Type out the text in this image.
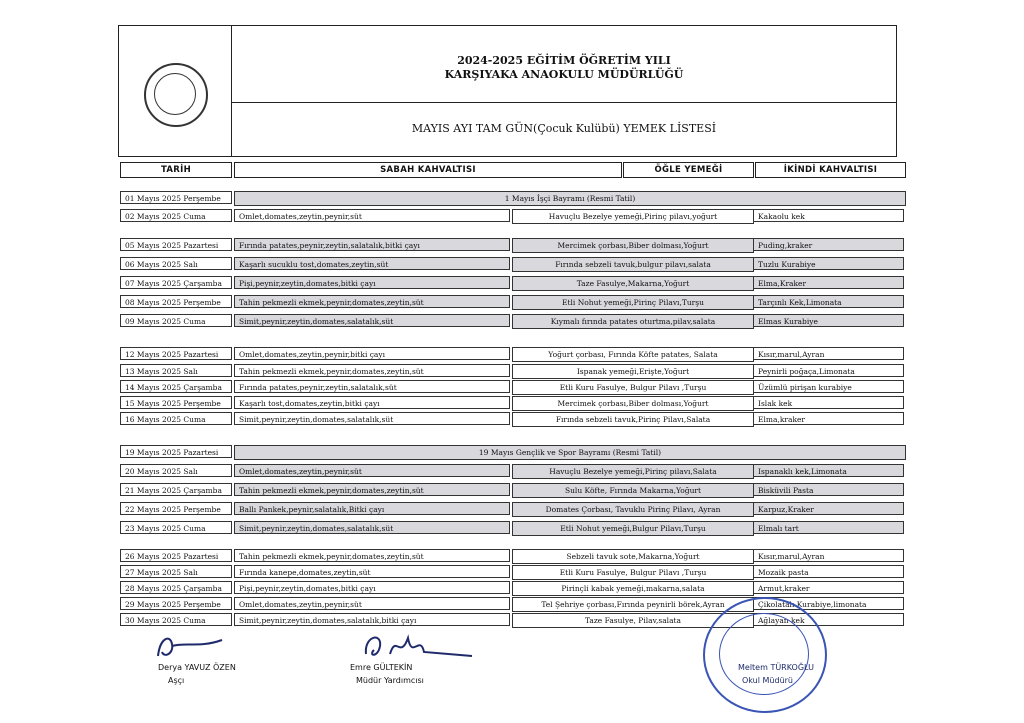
2024-2025 EĞİTİM ÖĞRETİM YILI
KARŞIYAKA ANAOKULU MÜDÜRLÜĞÜ
MAYIS AYI TAM GÜN(Çocuk Kulübü) YEMEK LİSTESİ
TARİH	SABAH KAHVALTISI	ÖĞLE YEMEĞİ	İKİNDİ KAHVALTISI
01 Mayıs 2025 Perşembe	1 Mayıs İşçi Bayramı (Resmi Tatil)
02 Mayıs 2025 Cuma	Omlet,domates,zeytin,peynir,süt	Havuçlu Bezelye yemeği,Pirinç pilavı,yoğurt	Kakaolu kek
05 Mayıs 2025 Pazartesi	Fırında patates,peynir,zeytin,salatalık,bitki çayı	Mercimek çorbası,Biber dolması,Yoğurt	Puding,kraker
06 Mayıs 2025 Salı	Kaşarlı sucuklu tost,domates,zeytin,süt	Fırında sebzeli tavuk,bulgur pilavı,salata	Tuzlu Kurabiye
07 Mayıs 2025 Çarşamba	Pişi,peynir,zeytin,domates,bitki çayı	Taze Fasulye,Makarna,Yoğurt	Elma,Kraker
08 Mayıs 2025 Perşembe	Tahin pekmezli ekmek,peynir,domates,zeytin,süt	Etli Nohut yemeği,Pirinç Pilavı,Turşu	Tarçınlı Kek,Limonata
09 Mayıs 2025 Cuma	Simit,peynir,zeytin,domates,salatalık,süt	Kıymalı fırında patates oturtma,pilav,salata	Elmas Kurabiye
12 Mayıs 2025 Pazartesi	Omlet,domates,zeytin,peynir,bitki çayı	Yoğurt çorbası, Fırında Köfte patates, Salata	Kısır,marul,Ayran
13 Mayıs 2025 Salı	Tahin pekmezli ekmek,peynir,domates,zeytin,süt	Ispanak yemeği,Erişte,Yoğurt	Peynirli poğaça,Limonata
14 Mayıs 2025 Çarşamba	Fırında patates,peynir,zeytin,salatalık,süt	Etli Kuru Fasulye, Bulgur Pilavı ,Turşu	Üzümlü pirişan kurabiye
15 Mayıs 2025 Perşembe	Kaşarlı tost,domates,zeytin,bitki çayı	Mercimek çorbası,Biber dolması,Yoğurt	Islak kek
16 Mayıs 2025 Cuma	Simit,peynir,zeytin,domates,salatalık,süt	Fırında sebzeli tavuk,Pirinç Pilavı,Salata	Elma,kraker
19 Mayıs 2025 Pazartesi	19 Mayıs Gençlik ve Spor Bayramı (Resmi Tatil)
20 Mayıs 2025 Salı	Omlet,domates,zeytin,peynir,süt	Havuçlu Bezelye yemeği,Pirinç pilavı,Salata	Ispanaklı kek,Limonata
21 Mayıs 2025 Çarşamba	Tahin pekmezli ekmek,peynir,domates,zeytin,süt	Sulu Köfte, Fırında Makarna,Yoğurt	Bisküvili Pasta
22 Mayıs 2025 Perşembe	Ballı Pankek,peynir,salatalık,Bitki çayı	Domates Çorbası, Tavuklu Pirinç Pilavı, Ayran	Karpuz,Kraker
23 Mayıs 2025 Cuma	Simit,peynir,zeytin,domates,salatalık,süt	Etli Nohut yemeği,Bulgur Pilavı,Turşu	Elmalı tart
26 Mayıs 2025 Pazartesi	Tahin pekmezli ekmek,peynir,domates,zeytin,süt	Sebzeli tavuk sote,Makarna,Yoğurt	Kısır,marul,Ayran
27 Mayıs 2025 Salı	Fırında kanepe,domates,zeytin,süt	Etli Kuru Fasulye, Bulgur Pilavı ,Turşu	Mozaik pasta
28 Mayıs 2025 Çarşamba	Pişi,peynir,zeytin,domates,bitki çayı	Pirinçli kabak yemeği,makarna,salata	Armut,kraker
29 Mayıs 2025 Perşembe	Omlet,domates,zeytin,peynir,süt	Tel Şehriye çorbası,Fırında peynirli börek,Ayran	Çikolatalı Kurabiye,limonata
30 Mayıs 2025 Cuma	Simit,peynir,zeytin,domates,salatalık,bitki çayı	Taze Fasulye, Pilav,salata	Ağlayan kek
Derya YAVUZ ÖZEN
Aşçı
Emre GÜLTEKİN
Müdür Yardımcısı
Meltem TÜRKOĞLU
Okul Müdürü
